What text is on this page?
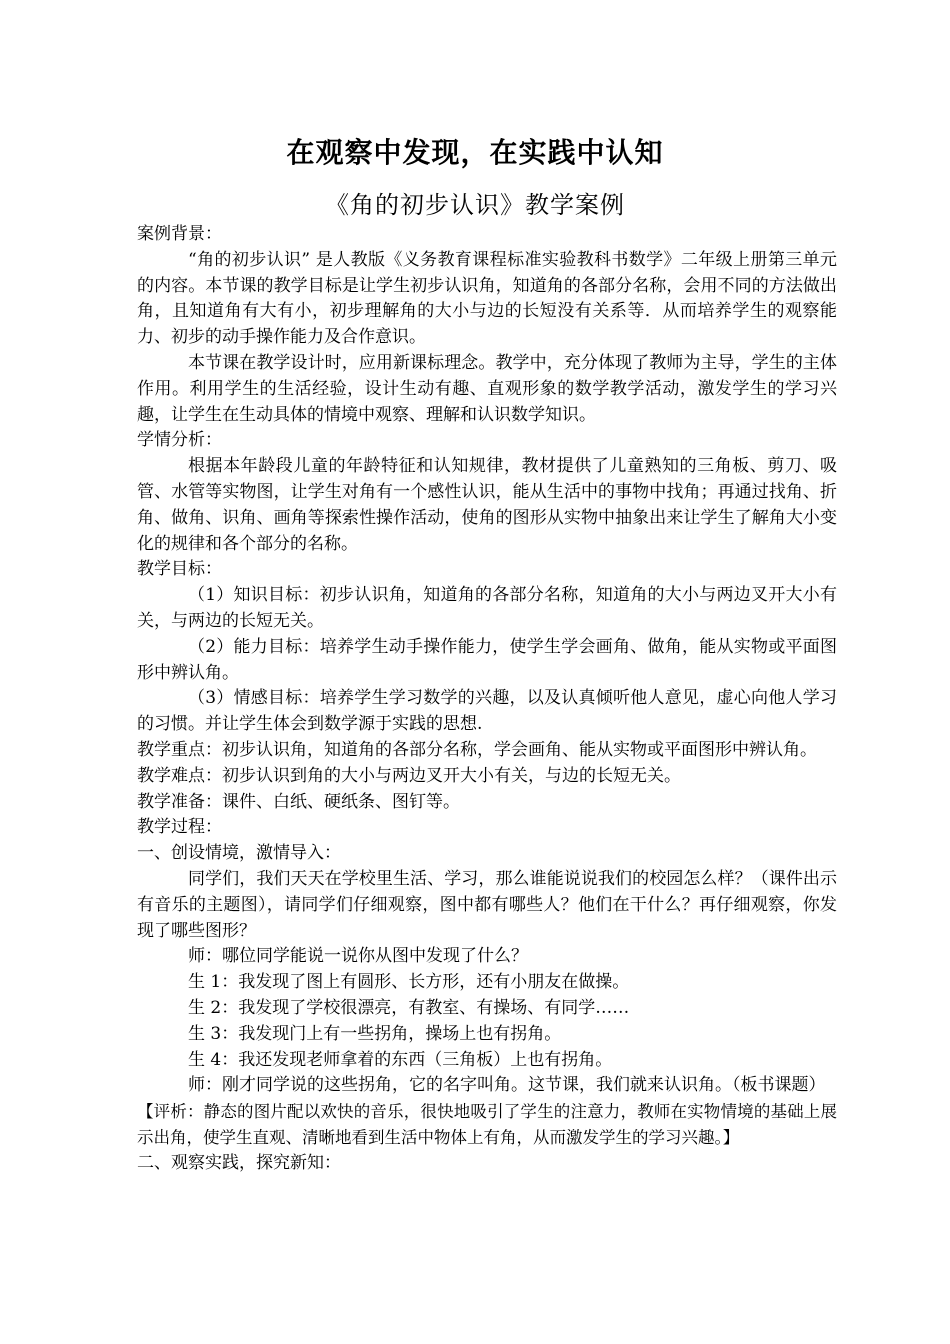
在观察中发现，在实践中认知
《角的初步认识》教学案例

案例背景：

“角的初步认识” 是人教版《义务教育课程标准实验教科书数学》二年级上册第三单元的内容。本节课的教学目标是让学生初步认识角，知道角的各部分名称，会用不同的方法做出角，且知道角有大有小，初步理解角的大小与边的长短没有关系等．从而培养学生的观察能力、初步的动手操作能力及合作意识。

本节课在教学设计时，应用新课标理念。教学中，充分体现了教师为主导，学生的主体作用。利用学生的生活经验，设计生动有趣、直观形象的数学教学活动，激发学生的学习兴趣，让学生在生动具体的情境中观察、理解和认识数学知识。

学情分析：

根据本年龄段儿童的年龄特征和认知规律，教材提供了儿童熟知的三角板、剪刀、吸管、水管等实物图，让学生对角有一个感性认识，能从生活中的事物中找角；再通过找角、折角、做角、识角、画角等探索性操作活动，使角的图形从实物中抽象出来让学生了解角大小变化的规律和各个部分的名称。

教学目标：

（1）知识目标：初步认识角，知道角的各部分名称，知道角的大小与两边叉开大小有关，与两边的长短无关。

（2）能力目标：培养学生动手操作能力，使学生学会画角、做角，能从实物或平面图形中辨认角。

（3）情感目标：培养学生学习数学的兴趣，以及认真倾听他人意见，虚心向他人学习的习惯。并让学生体会到数学源于实践的思想.

教学重点：初步认识角，知道角的各部分名称，学会画角、能从实物或平面图形中辨认角。

教学难点：初步认识到角的大小与两边叉开大小有关，与边的长短无关。

教学准备：课件、白纸、硬纸条、图钉等。

教学过程：

一、创设情境，激情导入：

同学们，我们天天在学校里生活、学习，那么谁能说说我们的校园怎么样？（课件出示有音乐的主题图），请同学们仔细观察，图中都有哪些人？他们在干什么？再仔细观察，你发现了哪些图形？

师：哪位同学能说一说你从图中发现了什么？

生 1：我发现了图上有圆形、长方形，还有小朋友在做操。

生 2：我发现了学校很漂亮，有教室、有操场、有同学……

生 3：我发现门上有一些拐角，操场上也有拐角。

生 4：我还发现老师拿着的东西（三角板）上也有拐角。

师：刚才同学说的这些拐角，它的名字叫角。这节课，我们就来认识角。（板书课题）

【评析：静态的图片配以欢快的音乐，很快地吸引了学生的注意力，教师在实物情境的基础上展示出角，使学生直观、清晰地看到生活中物体上有角，从而激发学生的学习兴趣。】

二、观察实践，探究新知：
